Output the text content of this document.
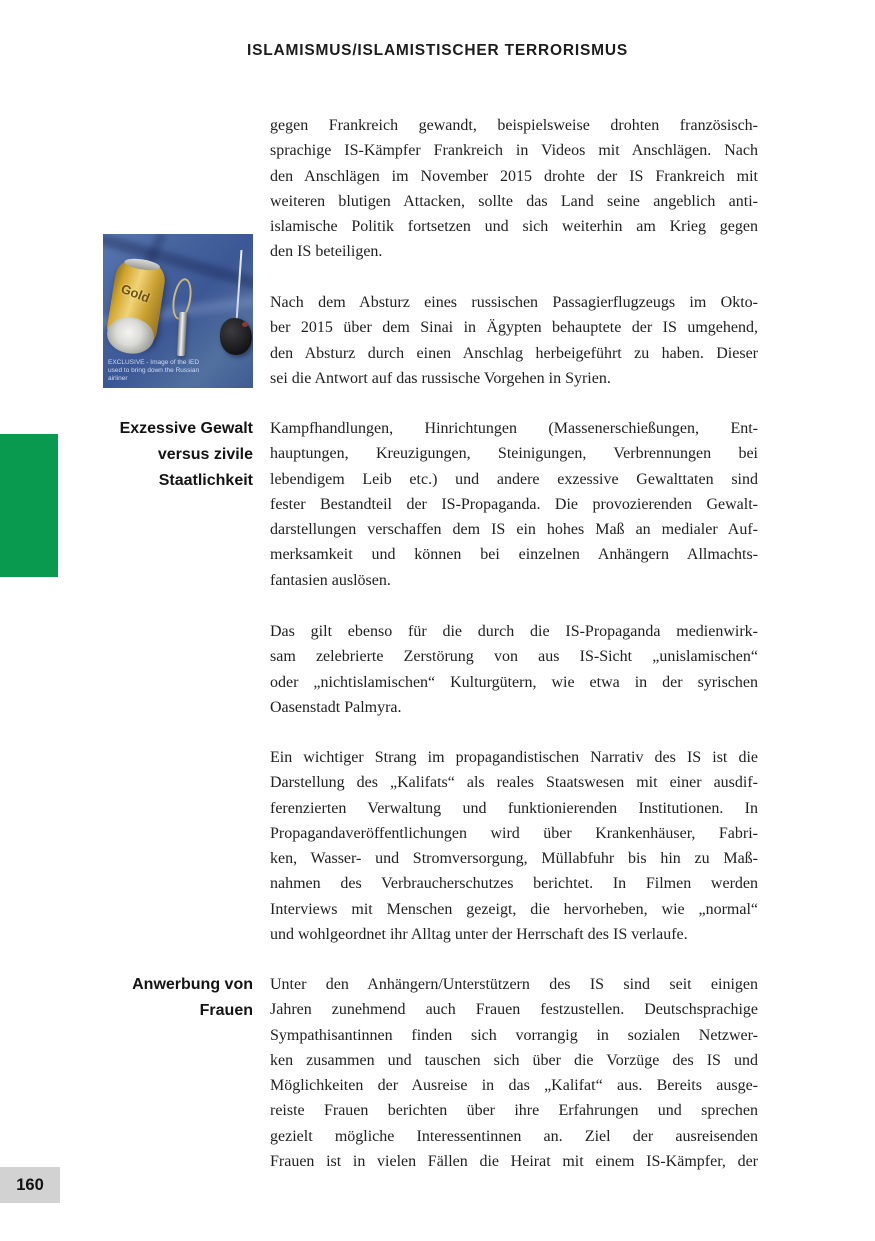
ISLAMISMUS/ISLAMISTISCHER TERRORISMUS
Gold
EXCLUSIVE - Image of the IED used to bring down the Russian airliner
gegen Frankreich gewandt, beispielsweise drohten französisch-
sprachige IS-Kämpfer Frankreich in Videos mit Anschlägen. Nach
den Anschlägen im November 2015 drohte der IS Frankreich mit
weiteren blutigen Attacken, sollte das Land seine angeblich anti-
islamische Politik fortsetzen und sich weiterhin am Krieg gegen
den IS beteiligen.
Nach dem Absturz eines russischen Passagierflugzeugs im Okto-
ber 2015 über dem Sinai in Ägypten behauptete der IS umgehend,
den Absturz durch einen Anschlag herbeigeführt zu haben. Dieser
sei die Antwort auf das russische Vorgehen in Syrien.
Exzessive Gewalt
versus zivile
Staatlichkeit
Kampfhandlungen, Hinrichtungen (Massenerschießungen, Ent-
hauptungen, Kreuzigungen, Steinigungen, Verbrennungen bei
lebendigem Leib etc.) und andere exzessive Gewalttaten sind
fester Bestandteil der IS-Propaganda. Die provozierenden Gewalt-
darstellungen verschaffen dem IS ein hohes Maß an medialer Auf-
merksamkeit und können bei einzelnen Anhängern Allmachts-
fantasien auslösen.
Das gilt ebenso für die durch die IS-Propaganda medienwirk-
sam zelebrierte Zerstörung von aus IS-Sicht „unislamischen“
oder „nichtislamischen“ Kulturgütern, wie etwa in der syrischen
Oasenstadt Palmyra.
Ein wichtiger Strang im propagandistischen Narrativ des IS ist die
Darstellung des „Kalifats“ als reales Staatswesen mit einer ausdif-
ferenzierten Verwaltung und funktionierenden Institutionen. In
Propagandaveröffentlichungen wird über Krankenhäuser, Fabri-
ken, Wasser- und Stromversorgung, Müllabfuhr bis hin zu Maß-
nahmen des Verbraucherschutzes berichtet. In Filmen werden
Interviews mit Menschen gezeigt, die hervorheben, wie „normal“
und wohlgeordnet ihr Alltag unter der Herrschaft des IS verlaufe.
Anwerbung von
Frauen
Unter den Anhängern/Unterstützern des IS sind seit einigen
Jahren zunehmend auch Frauen festzustellen. Deutschsprachige
Sympathisantinnen finden sich vorrangig in sozialen Netzwer-
ken zusammen und tauschen sich über die Vorzüge des IS und
Möglichkeiten der Ausreise in das „Kalifat“ aus. Bereits ausge-
reiste Frauen berichten über ihre Erfahrungen und sprechen
gezielt mögliche Interessentinnen an. Ziel der ausreisenden
Frauen ist in vielen Fällen die Heirat mit einem IS-Kämpfer, der
160
